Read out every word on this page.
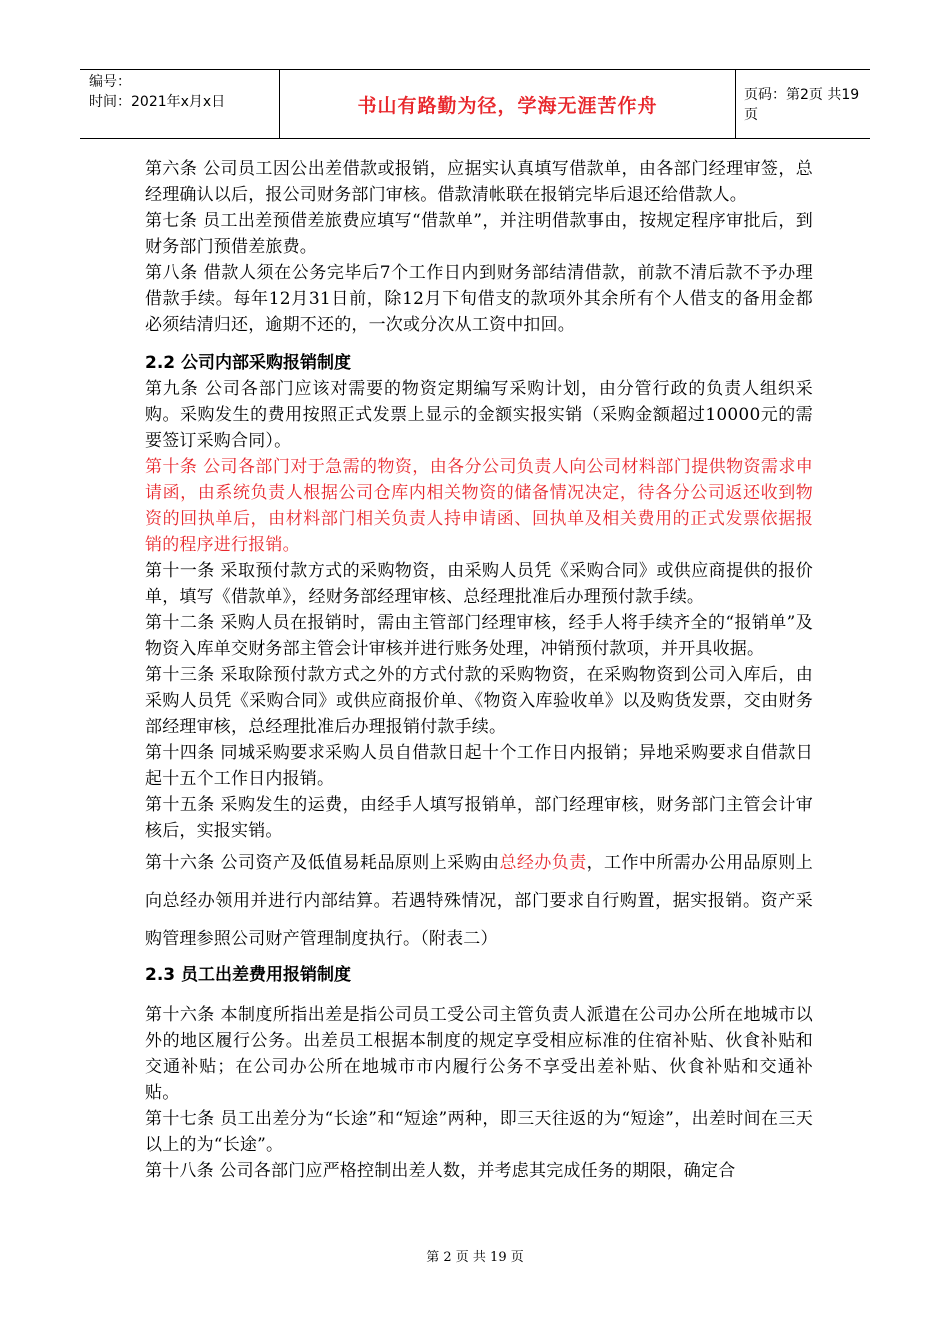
编号：
时间：2021年x月x日	书山有路勤为径，学海无涯苦作舟	页码：第2页 共19页

第六条 公司员工因公出差借款或报销，应据实认真填写借款单，由各部门经理审签，总经理确认以后，报公司财务部门审核。借款清帐联在报销完毕后退还给借款人。

第七条 员工出差预借差旅费应填写“借款单”，并注明借款事由，按规定程序审批后，到财务部门预借差旅费。

第八条 借款人须在公务完毕后7个工作日内到财务部结清借款，前款不清后款不予办理借款手续。每年12月31日前，除12月下旬借支的款项外其余所有个人借支的备用金都必须结清归还，逾期不还的，一次或分次从工资中扣回。

2.2 公司内部采购报销制度

第九条 公司各部门应该对需要的物资定期编写采购计划，由分管行政的负责人组织采购。采购发生的费用按照正式发票上显示的金额实报实销（采购金额超过10000元的需要签订采购合同）。

第十条 公司各部门对于急需的物资，由各分公司负责人向公司材料部门提供物资需求申请函，由系统负责人根据公司仓库内相关物资的储备情况决定，待各分公司返还收到物资的回执单后，由材料部门相关负责人持申请函、回执单及相关费用的正式发票依据报销的程序进行报销。

第十一条 采取预付款方式的采购物资，由采购人员凭《采购合同》或供应商提供的报价单，填写《借款单》，经财务部经理审核、总经理批准后办理预付款手续。

第十二条 采购人员在报销时，需由主管部门经理审核，经手人将手续齐全的“报销单”及物资入库单交财务部主管会计审核并进行账务处理，冲销预付款项，并开具收据。

第十三条 采取除预付款方式之外的方式付款的采购物资，在采购物资到公司入库后，由采购人员凭《采购合同》或供应商报价单、《物资入库验收单》以及购货发票，交由财务部经理审核，总经理批准后办理报销付款手续。

第十四条 同城采购要求采购人员自借款日起十个工作日内报销；异地采购要求自借款日起十五个工作日内报销。

第十五条 采购发生的运费，由经手人填写报销单，部门经理审核，财务部门主管会计审核后，实报实销。

第十六条 公司资产及低值易耗品原则上采购由总经办负责，工作中所需办公用品原则上向总经办领用并进行内部结算。若遇特殊情况，部门要求自行购置，据实报销。资产采购管理参照公司财产管理制度执行。（附表二）

2.3 员工出差费用报销制度

第十六条 本制度所指出差是指公司员工受公司主管负责人派遣在公司办公所在地城市以外的地区履行公务。出差员工根据本制度的规定享受相应标准的住宿补贴、伙食补贴和交通补贴；在公司办公所在地城市市内履行公务不享受出差补贴、伙食补贴和交通补贴。

第十七条 员工出差分为“长途”和“短途”两种，即三天往返的为“短途”，出差时间在三天以上的为“长途”。

第十八条 公司各部门应严格控制出差人数，并考虑其完成任务的期限，确定合

第 2 页 共 19 页
